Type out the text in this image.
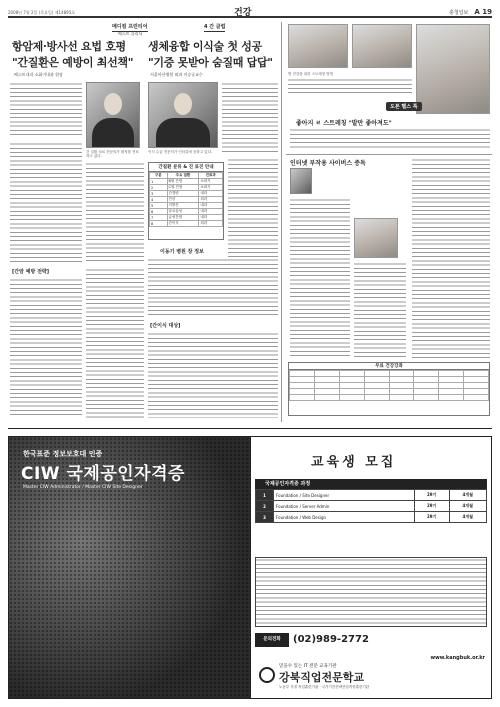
2008년 7월 2일 (목요일) 제14895호	건강	충청일보 A 19
메디컬 프런티어
베스트 클리닉
항암제·방사선 요법 호평
"간질환은 예방이 최선책"
베스트내과 소화기내과 원장
4 간 클럽
생체융합 이식술 첫 성공
"기증 못받아 숨질때 답답"
서울아산병원 외과 이승규교수
간 질환 치료 전문의가 환자를 진료하고 있다.
이식 수술 전문의가 인터뷰에 응하고 있다.
[간암 예방 전략]
간질환 분류 & 진 료진 안내
구분	주요 질환	진료과
1	B형 간염	소화기
2	C형 간염	소화기
3	간경변	내과
4	간암	외과
5	지방간	내과
6	알코올성	내과
7	급성간염	내과
8	간이식	외과
이동기 병원 장 정보
[간이식 대상]
발 건강을 위한 스트레칭 방법
도본 헬스 톡
좋아지 ㄹ 스트레칭 "발만 좋아져도"
인터넷 부작용 사이버스 증독
무료 건강강좌

한국표준 정보보호대 인증
CIW 국제공인자격증
Master CIW Administrator / Master CIW Site Designer
교육생 모집
국제공인자격증 과정
1	Foundation / Site Designer	29기	4개월
2	Foundation / Server Admin	29기	4개월
3	Foundation / Web Design	29기	4개월
문의전화	(02)989-2772
www.kangbuk.or.kr
믿을수 있는 IT 전문 교육기관
강북직업전문학교
노동부 지정 직업훈련기관 · 국가기간전략산업직종훈련기관
